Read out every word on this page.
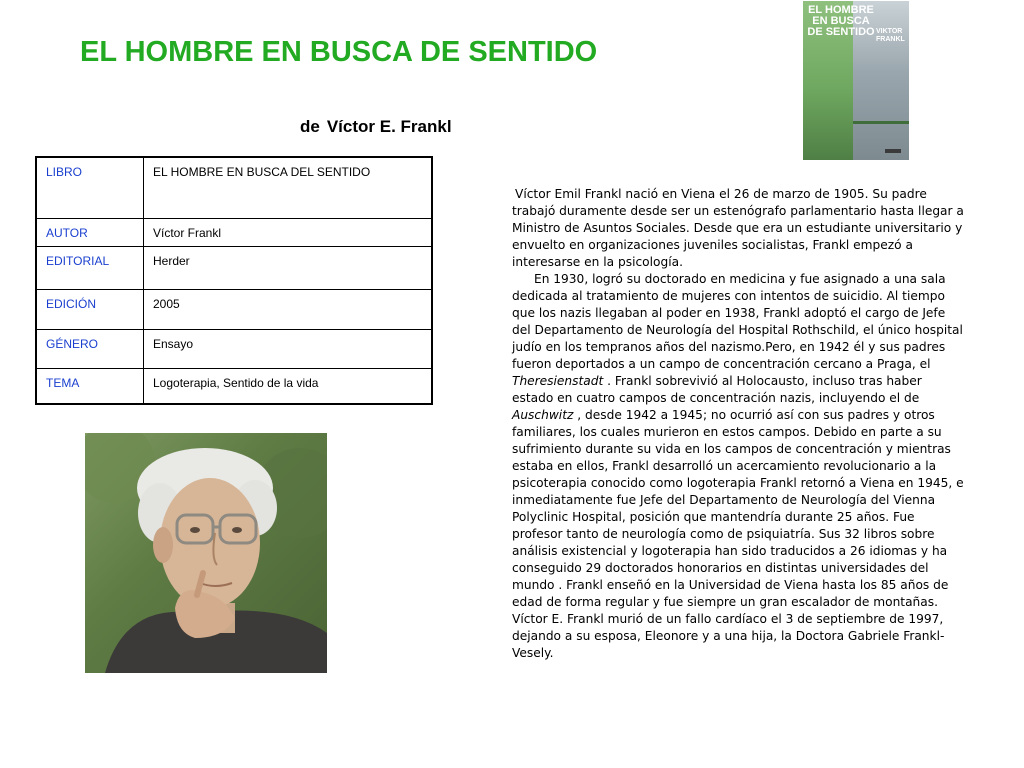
EL HOMBRE EN BUSCA DE SENTIDO
de Víctor E. Frankl
EL HOMBRE EN BUSCA DE SENTIDO VIKTOR FRANKL
LIBRO	EL HOMBRE EN BUSCA DEL SENTIDO
AUTOR	Víctor Frankl
EDITORIAL	Herder
EDICIÓN	2005
GÉNERO	Ensayo
TEMA	Logoterapia, Sentido de la vida

Víctor Emil Frankl nació en Viena el 26 de marzo de 1905. Su padre trabajó duramente desde ser un estenógrafo parlamentario hasta llegar a Ministro de Asuntos Sociales. Desde que era un estudiante universitario y envuelto en organizaciones juveniles socialistas, Frankl empezó a interesarse en la psicología.

En 1930, logró su doctorado en medicina y fue asignado a una sala dedicada al tratamiento de mujeres con intentos de suicidio. Al tiempo que los nazis llegaban al poder en 1938, Frankl adoptó el cargo de Jefe del Departamento de Neurología del Hospital Rothschild, el único hospital judío en los tempranos años del nazismo.Pero, en 1942 él y sus padres fueron deportados a un campo de concentración cercano a Praga, el Theresienstadt . Frankl sobrevivió al Holocausto, incluso tras haber estado en cuatro campos de concentración nazis, incluyendo el de Auschwitz , desde 1942 a 1945; no ocurrió así con sus padres y otros familiares, los cuales murieron en estos campos. Debido en parte a su sufrimiento durante su vida en los campos de concentración y mientras estaba en ellos, Frankl desarrolló un acercamiento revolucionario a la psicoterapia conocido como logoterapia Frankl retornó a Viena en 1945, e inmediatamente fue Jefe del Departamento de Neurología del Vienna Polyclinic Hospital, posición que mantendría durante 25 años. Fue profesor tanto de neurología como de psiquiatría. Sus 32 libros sobre análisis existencial y logoterapia han sido traducidos a 26 idiomas y ha conseguido 29 doctorados honorarios en distintas universidades del mundo . Frankl enseñó en la Universidad de Viena hasta los 85 años de edad de forma regular y fue siempre un gran escalador de montañas. Víctor E. Frankl murió de un fallo cardíaco el 3 de septiembre de 1997, dejando a su esposa, Eleonore y a una hija, la Doctora Gabriele Frankl-Vesely.
